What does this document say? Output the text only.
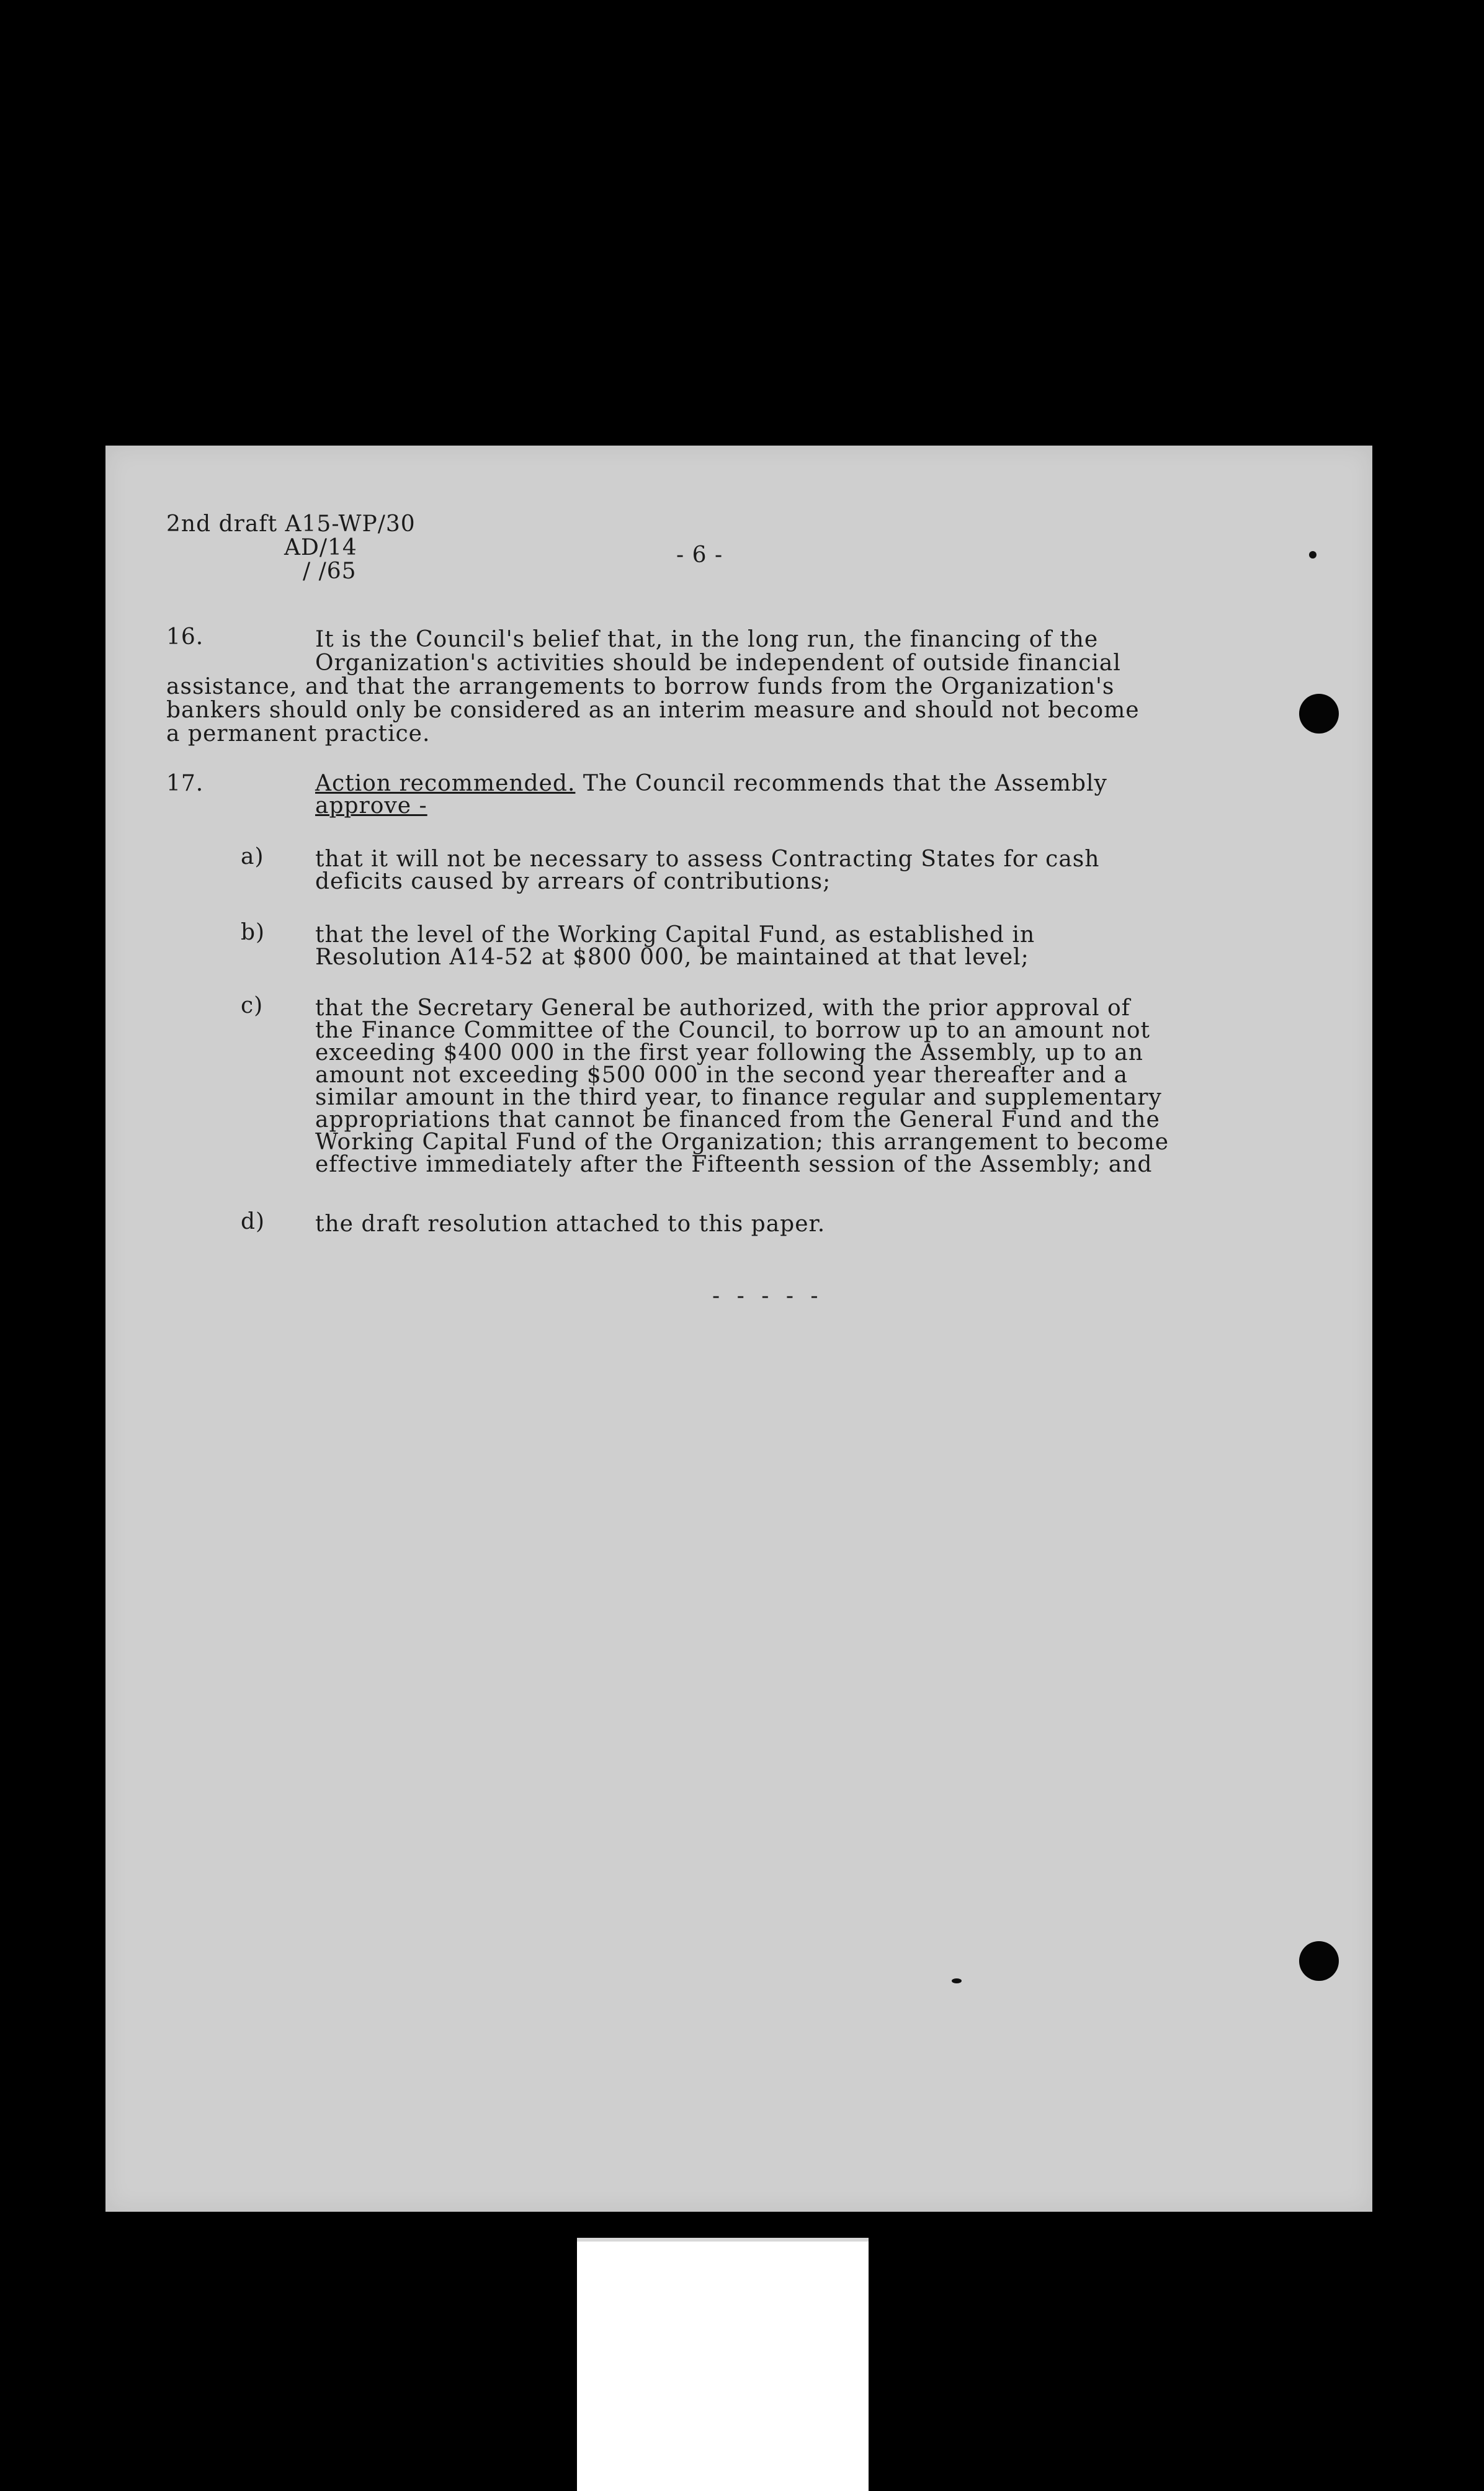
2nd draft A15-WP/30
AD/14
/ /65
- 6 -
16.	It is the Council's belief that, in the long run, the financing of the
Organization's activities should be independent of outside financial
assistance, and that the arrangements to borrow funds from the Organization's
bankers should only be considered as an interim measure and should not become
a permanent practice.
17.	Action recommended. The Council recommends that the Assembly
approve -
a) that it will not be necessary to assess Contracting States for cash
deficits caused by arrears of contributions;
b) that the level of the Working Capital Fund, as established in
Resolution A14-52 at $800 000, be maintained at that level;
c) that the Secretary General be authorized, with the prior approval of
the Finance Committee of the Council, to borrow up to an amount not
exceeding $400 000 in the first year following the Assembly, up to an
amount not exceeding $500 000 in the second year thereafter and a
similar amount in the third year, to finance regular and supplementary
appropriations that cannot be financed from the General Fund and the
Working Capital Fund of the Organization; this arrangement to become
effective immediately after the Fifteenth session of the Assembly; and
d) the draft resolution attached to this paper.
- - - - -
